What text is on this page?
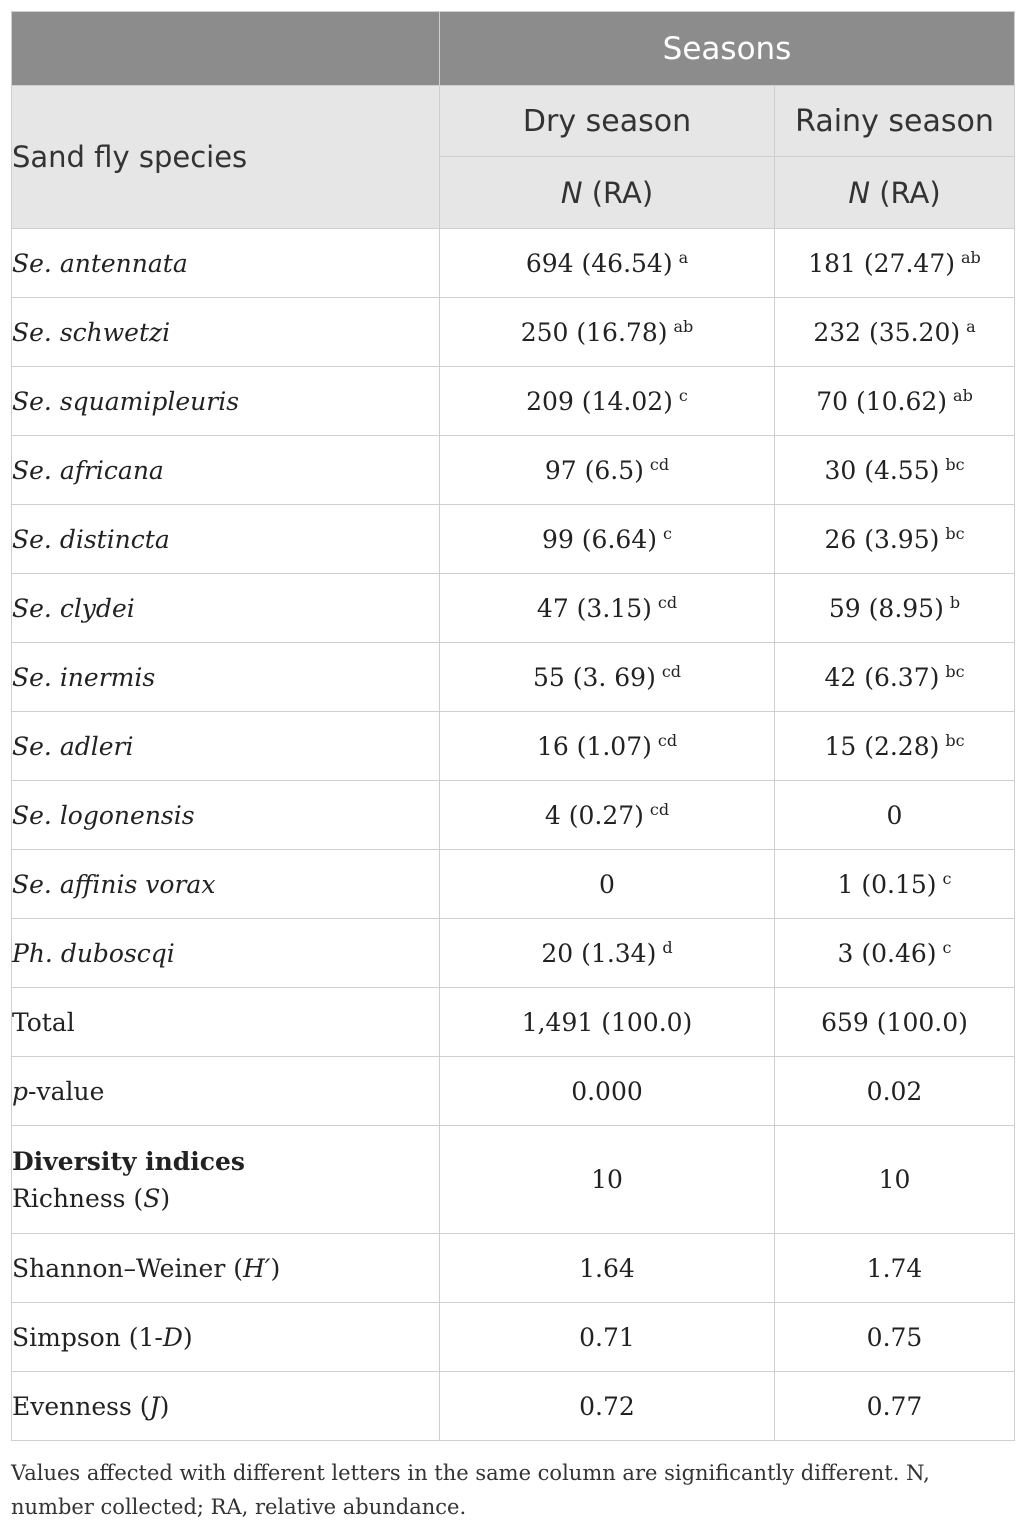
	Seasons	
Sand fly species	Dry season	Rainy season
	N (RA)	N (RA)
Se. antennata	694 (46.54) $^a$	181 (27.47) $^{ab}$
Se. schwetzi	250 (16.78) $^{ab}$	232 (35.20) $^a$
Se. squamipleuris	209 (14.02) $^c$	70 (10.62) $^{ab}$
Se. africana	97 (6.5) $^{cd}$	30 (4.55) $^{bc}$
Se. distincta	99 (6.64) $^c$	26 (3.95) $^{bc}$
Se. clydei	47 (3.15) $^{cd}$	59 (8.95) $^b$
Se. inermis	55 (3. 69) $^{cd}$	42 (6.37) $^{bc}$
Se. adleri	16 (1.07) $^{cd}$	15 (2.28) $^{bc}$
Se. logonensis	4 (0.27) $^{cd}$	0
Se. affinis vorax	0	1 (0.15) $^c$
Ph. duboscqi	20 (1.34) $^d$	3 (0.46) $^c$
Total	1,491 (100.0)	659 (100.0)
p-value	0.000	0.02

Diversity indices
Richness (S)	10	10
Shannon–Weiner (H′)	1.64	1.74
Simpson (1-D)	0.71	0.75
Evenness (J)	0.72	0.77
Values affected with different letters in the same column are significantly different. N, number collected; RA, relative abundance.
